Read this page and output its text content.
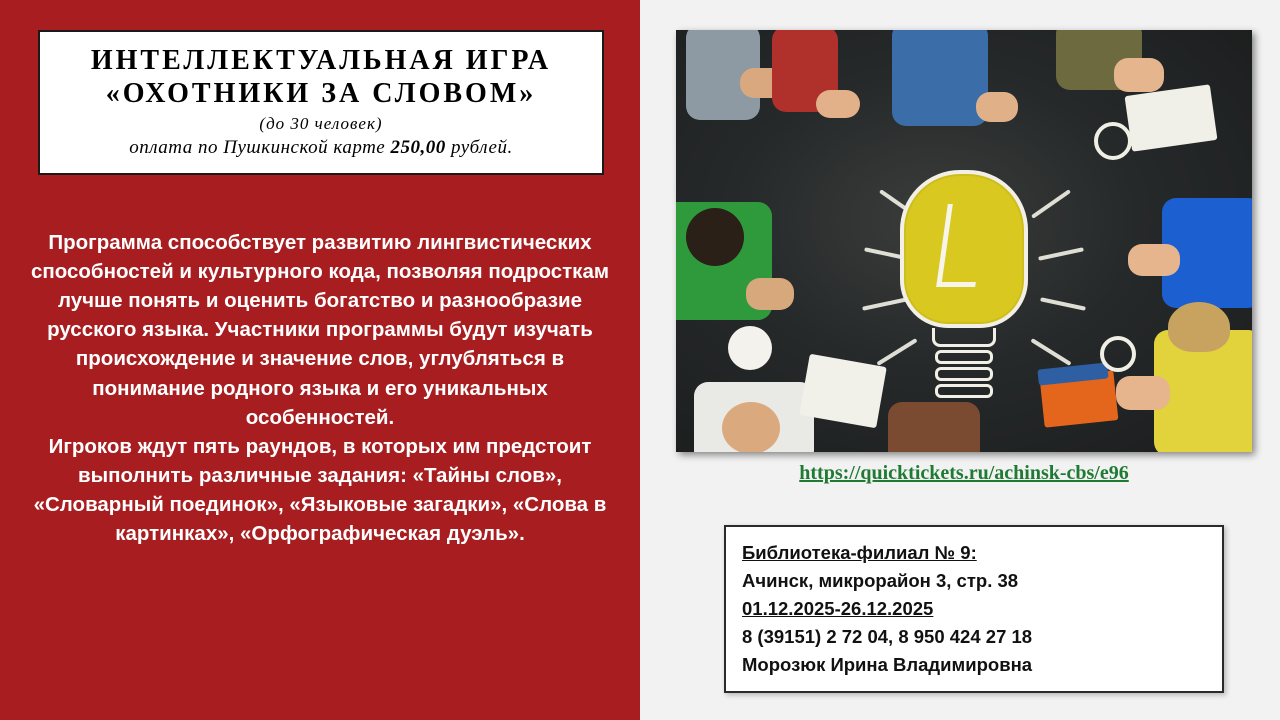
ИНТЕЛЛЕКТУАЛЬНАЯ ИГРА
«ОХОТНИКИ ЗА СЛОВОМ»
(до 30 человек)
оплата по Пушкинской карте 250,00 рублей.

Программа способствует развитию лингвистических способностей и культурного кода, позволяя подросткам лучше понять и оценить богатство и разнообразие русского языка. Участники программы будут изучать происхождение и значение слов, углубляться в понимание родного языка и его уникальных особенностей.

Игроков ждут пять раундов, в которых им предстоит выполнить различные задания: «Тайны слов», «Словарный поединок», «Языковые загадки», «Слова в картинках», «Орфографическая дуэль».

https://quicktickets.ru/achinsk-cbs/e96
Библиотека-филиал № 9:
Ачинск, микрорайон 3, стр. 38
01.12.2025-26.12.2025
8 (39151) 2 72 04, 8 950 424 27 18
Морозюк Ирина Владимировна
